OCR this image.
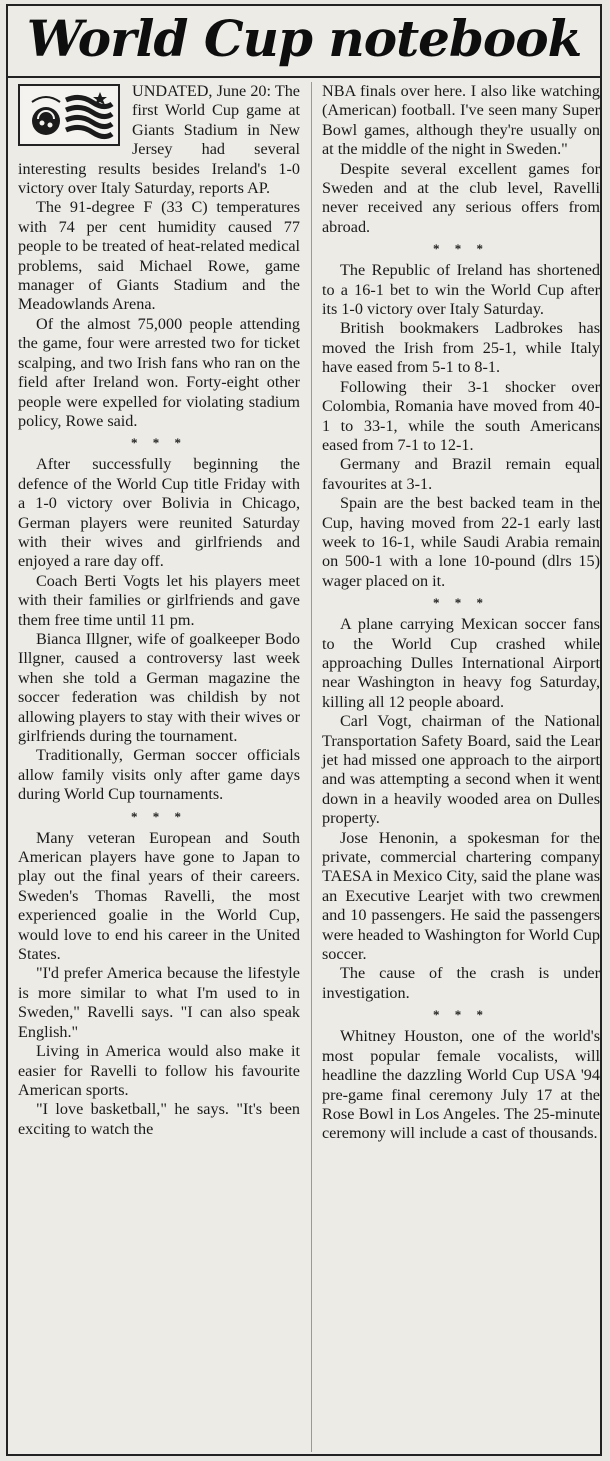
World Cup notebook

UNDATED, June 20: The first World Cup game at Giants Stadium in New Jersey had several interesting results besides Ireland's 1-0 victory over Italy Saturday, reports AP.

The 91-degree F (33 C) temperatures with 74 per cent humidity caused 77 people to be treated of heat-related medical problems, said Michael Rowe, game manager of Giants Stadium and the Meadowlands Arena.

Of the almost 75,000 people attending the game, four were arrested two for ticket scalping, and two Irish fans who ran on the field after Ireland won. Forty-eight other people were expelled for violating stadium policy, Rowe said.

* * *

After successfully beginning the defence of the World Cup title Friday with a 1-0 victory over Bolivia in Chicago, German players were reunited Saturday with their wives and girlfriends and enjoyed a rare day off.

Coach Berti Vogts let his players meet with their families or girlfriends and gave them free time until 11 pm.

Bianca Illgner, wife of goalkeeper Bodo Illgner, caused a controversy last week when she told a German magazine the soccer federation was childish by not allowing players to stay with their wives or girlfriends during the tournament.

Traditionally, German soccer officials allow family visits only after game days during World Cup tournaments.

* * *

Many veteran European and South American players have gone to Japan to play out the final years of their careers. Sweden's Thomas Ravelli, the most experienced goalie in the World Cup, would love to end his career in the United States.

"I'd prefer America because the lifestyle is more similar to what I'm used to in Sweden," Ravelli says. "I can also speak English."

Living in America would also make it easier for Ravelli to follow his favourite American sports.

"I love basketball," he says. "It's been exciting to watch the

NBA finals over here. I also like watching (American) football. I've seen many Super Bowl games, although they're usually on at the middle of the night in Sweden."

Despite several excellent games for Sweden and at the club level, Ravelli never received any serious offers from abroad.

* * *

The Republic of Ireland has shortened to a 16-1 bet to win the World Cup after its 1-0 victory over Italy Saturday.

British bookmakers Ladbrokes has moved the Irish from 25-1, while Italy have eased from 5-1 to 8-1.

Following their 3-1 shocker over Colombia, Romania have moved from 40-1 to 33-1, while the south Americans eased from 7-1 to 12-1.

Germany and Brazil remain equal favourites at 3-1.

Spain are the best backed team in the Cup, having moved from 22-1 early last week to 16-1, while Saudi Arabia remain on 500-1 with a lone 10-pound (dlrs 15) wager placed on it.

* * *

A plane carrying Mexican soccer fans to the World Cup crashed while approaching Dulles International Airport near Washington in heavy fog Saturday, killing all 12 people aboard.

Carl Vogt, chairman of the National Transportation Safety Board, said the Lear jet had missed one approach to the airport and was attempting a second when it went down in a heavily wooded area on Dulles property.

Jose Henonin, a spokesman for the private, commercial chartering company TAESA in Mexico City, said the plane was an Executive Learjet with two crewmen and 10 passengers. He said the passengers were headed to Washington for World Cup soccer.

The cause of the crash is under investigation.

* * *

Whitney Houston, one of the world's most popular female vocalists, will headline the dazzling World Cup USA '94 pre-game final ceremony July 17 at the Rose Bowl in Los Angeles. The 25-minute ceremony will include a cast of thousands.
